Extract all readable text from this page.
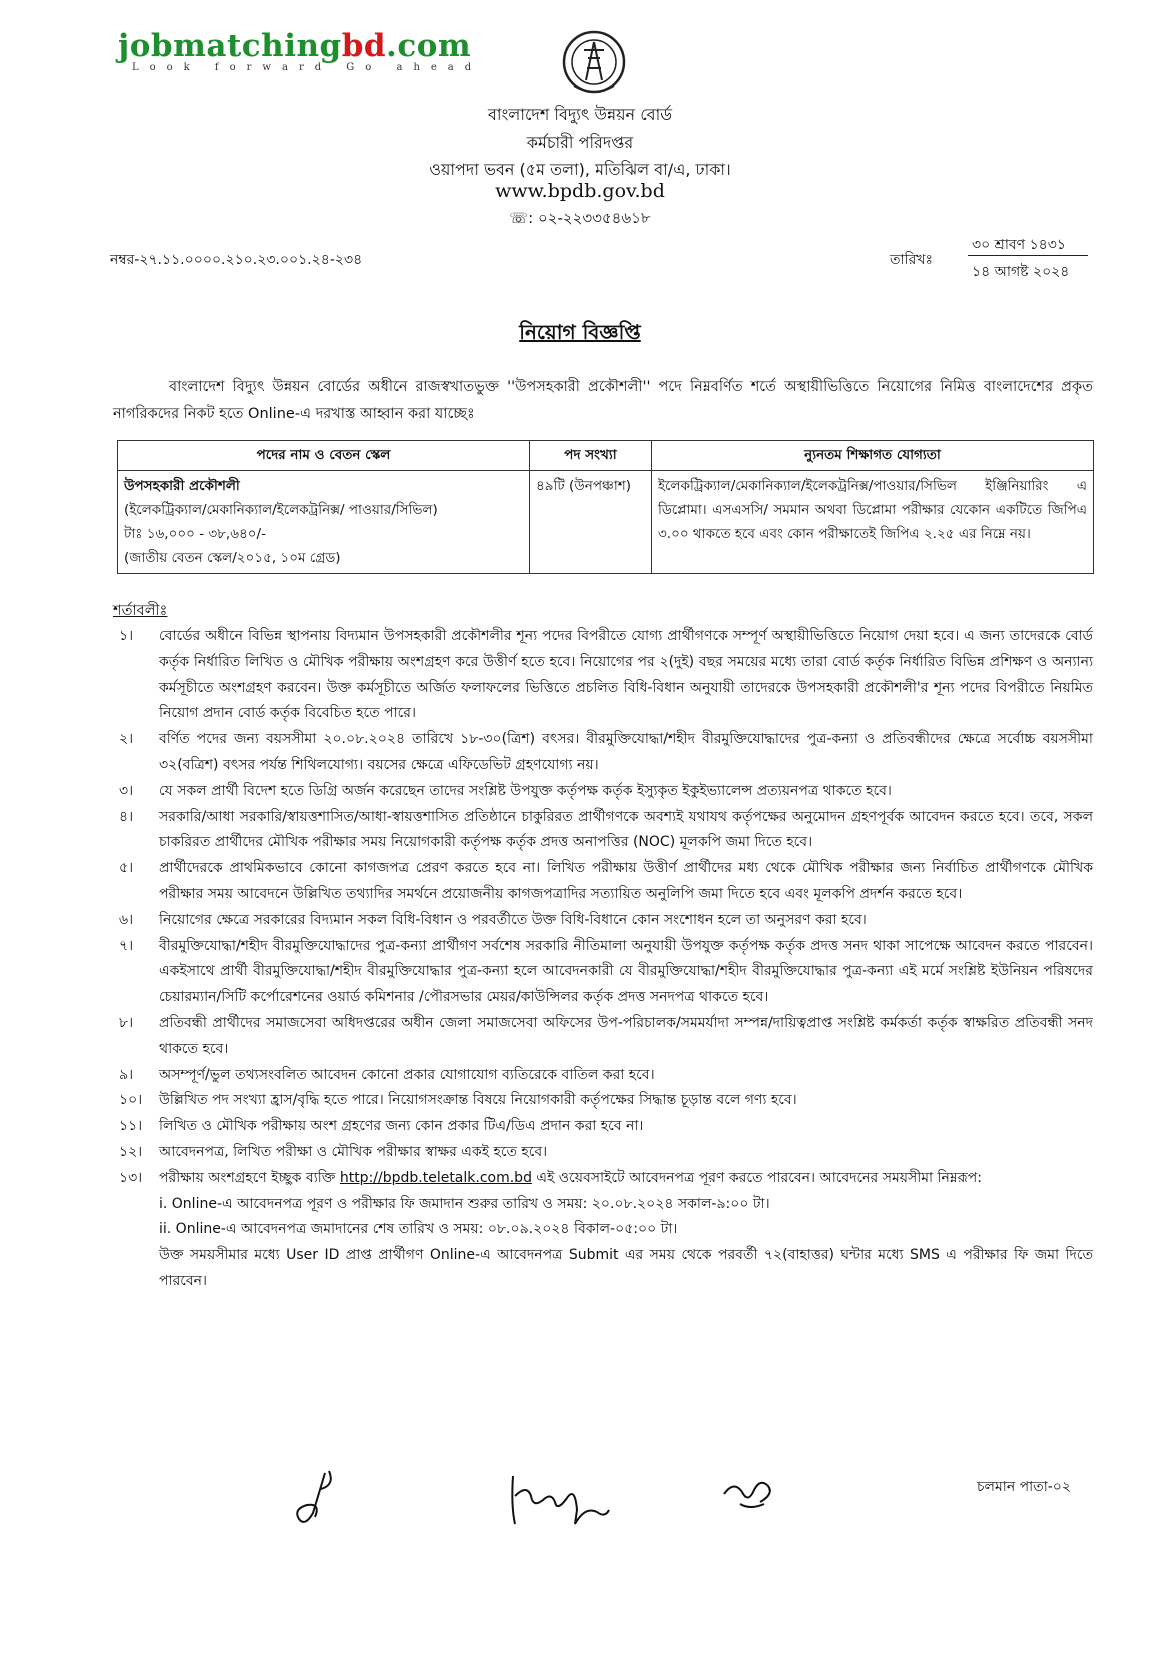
jobmatchingbd.com
Look forward Go ahead
বাংলাদেশ বিদ্যুৎ উন্নয়ন বোর্ড
কর্মচারী পরিদপ্তর
ওয়াপদা ভবন (৫ম তলা), মতিঝিল বা/এ, ঢাকা।
www.bpdb.gov.bd
☏: ০২-২২৩৩৫৪৬১৮
নম্বর-২৭.১১.০০০০.২১০.২৩.০০১.২৪-২৩৪	তারিখঃ
৩০ শ্রাবণ ১৪৩১
১৪ আগষ্ট ২০২৪
নিয়োগ বিজ্ঞপ্তি
বাংলাদেশ বিদ্যুৎ উন্নয়ন বোর্ডের অধীনে রাজস্বখাতভুক্ত ''উপসহকারী প্রকৌশলী'' পদে নিম্নবর্ণিত শর্তে অস্থায়ীভিত্তিতে নিয়োগের নিমিত্ত বাংলাদেশের প্রকৃত নাগরিকদের নিকট হতে Online-এ দরখাস্ত আহ্বান করা যাচ্ছেঃ
পদের নাম ও বেতন স্কেল	পদ সংখ্যা	ন্যুনতম শিক্ষাগত যোগ্যতা

উপসহকারী প্রকৌশলী
(ইলেকট্রিক্যাল/মেকানিক্যাল/ইলেকট্রনিক্স/ পাওয়ার/সিভিল)
টাঃ ১৬,০০০ - ৩৮,৬৪০/-
(জাতীয় বেতন স্কেল/২০১৫, ১০ম গ্রেড)	৪৯টি (উনপঞ্চাশ)	ইলেকট্রিক্যাল/মেকানিক্যাল/ইলেকট্রনিক্স/পাওয়ার/সিভিল ইঞ্জিনিয়ারিং এ ডিপ্লোমা। এসএসসি/ সমমান অথবা ডিপ্লোমা পরীক্ষার যেকোন একটিতে জিপিএ ৩.০০ থাকতে হবে এবং কোন পরীক্ষাতেই জিপিএ ২.২৫ এর নিম্নে নয়।
শর্তাবলীঃ
১। বোর্ডের অধীনে বিভিন্ন স্থাপনায় বিদ্যমান উপসহকারী প্রকৌশলীর শূন্য পদের বিপরীতে যোগ্য প্রার্থীগণকে সম্পূর্ণ অস্থায়ীভিত্তিতে নিয়োগ দেয়া হবে। এ জন্য তাদেরকে বোর্ড কর্তৃক নির্ধারিত লিখিত ও মৌখিক পরীক্ষায় অংশগ্রহণ করে উত্তীর্ণ হতে হবে। নিয়োগের পর ২(দুই) বছর সময়ের মধ্যে তারা বোর্ড কর্তৃক নির্ধারিত বিভিন্ন প্রশিক্ষণ ও অন্যান্য কর্মসূচীতে অংশগ্রহণ করবেন। উক্ত কর্মসূচীতে অর্জিত ফলাফলের ভিত্তিতে প্রচলিত বিধি-বিধান অনুযায়ী তাদেরকে উপসহকারী প্রকৌশলী'র শূন্য পদের বিপরীতে নিয়মিত নিয়োগ প্রদান বোর্ড কর্তৃক বিবেচিত হতে পারে।
২। বর্ণিত পদের জন্য বয়সসীমা ২০.০৮.২০২৪ তারিখে ১৮-৩০(ত্রিশ) বৎসর। বীরমুক্তিযোদ্ধা/শহীদ বীরমুক্তিযোদ্ধাদের পুত্র-কন্যা ও প্রতিবন্ধীদের ক্ষেত্রে সর্বোচ্চ বয়সসীমা ৩২(বত্রিশ) বৎসর পর্যন্ত শিথিলযোগ্য। বয়সের ক্ষেত্রে এফিডেভিট গ্রহণযোগ্য নয়।
৩। যে সকল প্রার্থী বিদেশ হতে ডিগ্রি অর্জন করেছেন তাদের সংশ্লিষ্ট উপযুক্ত কর্তৃপক্ষ কর্তৃক ইস্যুকৃত ইকুইভ্যালেন্স প্রত্যয়নপত্র থাকতে হবে।
৪। সরকারি/আধা সরকারি/স্বায়ত্তশাসিত/আধা-স্বায়ত্তশাসিত প্রতিষ্ঠানে চাকুরিরত প্রার্থীগণকে অবশ্যই যথাযথ কর্তৃপক্ষের অনুমোদন গ্রহণপূর্বক আবেদন করতে হবে। তবে, সকল চাকরিরত প্রার্থীদের মৌখিক পরীক্ষার সময় নিয়োগকারী কর্তৃপক্ষ কর্তৃক প্রদত্ত অনাপত্তির (NOC) মূলকপি জমা দিতে হবে।
৫। প্রার্থীদেরকে প্রাথমিকভাবে কোনো কাগজপত্র প্রেরণ করতে হবে না। লিখিত পরীক্ষায় উত্তীর্ণ প্রার্থীদের মধ্য থেকে মৌখিক পরীক্ষার জন্য নির্বাচিত প্রার্থীগণকে মৌখিক পরীক্ষার সময় আবেদনে উল্লিখিত তথ্যাদির সমর্থনে প্রয়োজনীয় কাগজপত্রাদির সত্যায়িত অনুলিপি জমা দিতে হবে এবং মূলকপি প্রদর্শন করতে হবে।
৬। নিয়োগের ক্ষেত্রে সরকারের বিদ্যমান সকল বিধি-বিধান ও পরবর্তীতে উক্ত বিধি-বিধানে কোন সংশোধন হলে তা অনুসরণ করা হবে।
৭। বীরমুক্তিযোদ্ধা/শহীদ বীরমুক্তিযোদ্ধাদের পুত্র-কন্যা প্রার্থীগণ সর্বশেষ সরকারি নীতিমালা অনুযায়ী উপযুক্ত কর্তৃপক্ষ কর্তৃক প্রদত্ত সনদ থাকা সাপেক্ষে আবেদন করতে পারবেন। একইসাথে প্রার্থী বীরমুক্তিযোদ্ধা/শহীদ বীরমুক্তিযোদ্ধার পুত্র-কন্যা হলে আবেদনকারী যে বীরমুক্তিযোদ্ধা/শহীদ বীরমুক্তিযোদ্ধার পুত্র-কন্যা এই মর্মে সংশ্লিষ্ট ইউনিয়ন পরিষদের চেয়ারম্যান/সিটি কর্পোরেশনের ওয়ার্ড কমিশনার /পৌরসভার মেয়র/কাউন্সিলর কর্তৃক প্রদত্ত সনদপত্র থাকতে হবে।
৮। প্রতিবন্ধী প্রার্থীদের সমাজসেবা অধিদপ্তরের অধীন জেলা সমাজসেবা অফিসের উপ-পরিচালক/সমমর্যাদা সম্পন্ন/দায়িত্বপ্রাপ্ত সংশ্লিষ্ট কর্মকর্তা কর্তৃক স্বাক্ষরিত প্রতিবন্ধী সনদ থাকতে হবে।
৯। অসম্পূর্ণ/ভুল তথ্যসংবলিত আবেদন কোনো প্রকার যোগাযোগ ব্যতিরেকে বাতিল করা হবে।
১০। উল্লিখিত পদ সংখ্যা হ্রাস/বৃদ্ধি হতে পারে। নিয়োগসংক্রান্ত বিষয়ে নিয়োগকারী কর্তৃপক্ষের সিদ্ধান্ত চূড়ান্ত বলে গণ্য হবে।
১১। লিখিত ও মৌখিক পরীক্ষায় অংশ গ্রহণের জন্য কোন প্রকার টিএ/ডিএ প্রদান করা হবে না।
১২। আবেদনপত্র, লিখিত পরীক্ষা ও মৌখিক পরীক্ষার স্বাক্ষর একই হতে হবে।
১৩। পরীক্ষায় অংশগ্রহণে ইচ্ছুক ব্যক্তি http://bpdb.teletalk.com.bd এই ওয়েবসাইটে আবেদনপত্র পূরণ করতে পারবেন। আবেদনের সময়সীমা নিম্নরূপ:
i. Online-এ আবেদনপত্র পূরণ ও পরীক্ষার ফি জমাদান শুরুর তারিখ ও সময়: ২০.০৮.২০২৪ সকাল-৯:০০ টা।
ii. Online-এ আবেদনপত্র জমাদানের শেষ তারিখ ও সময়: ০৮.০৯.২০২৪ বিকাল-০৫:০০ টা।
উক্ত সময়সীমার মধ্যে User ID প্রাপ্ত প্রার্থীগণ Online-এ আবেদনপত্র Submit এর সময় থেকে পরবর্তী ৭২(বাহাত্তর) ঘন্টার মধ্যে SMS এ পরীক্ষার ফি জমা দিতে পারবেন।
চলমান পাতা-০২
